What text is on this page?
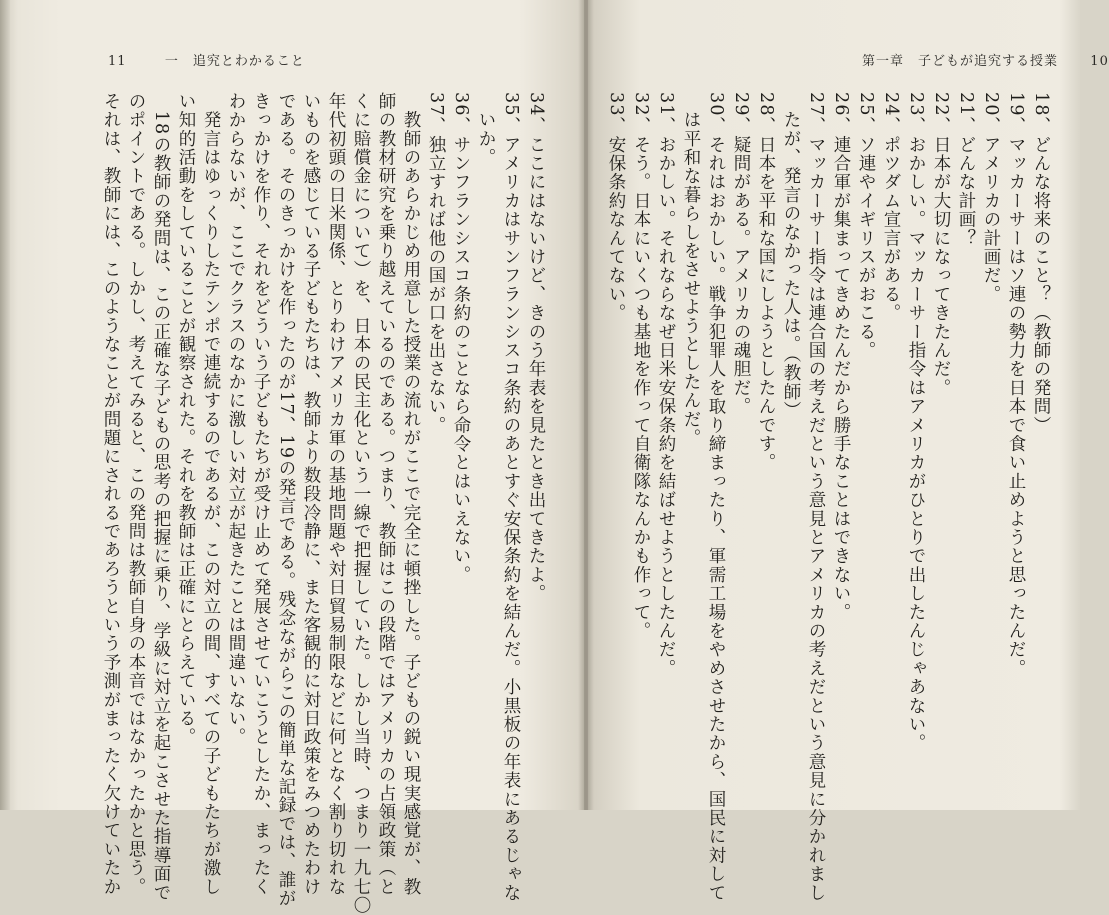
11	一　追究とわかること	第一章　子どもが追究する授業 10
18、どんな将来のこと？（教師の発問）
19、マッカーサーはソ連の勢力を日本で食い止めようと思ったんだ。
20、アメリカの計画だ。
21、どんな計画？
22、日本が大切になってきたんだ。
23、おかしい。マッカーサー指令はアメリカがひとりで出したんじゃあない。
24、ポツダム宣言がある。
25、ソ連やイギリスがおこる。
26、連合軍が集まってきめたんだから勝手なことはできない。
27、マッカーサー指令は連合国の考えだという意見とアメリカの考えだという意見に分かれまし
　たが、発言のなかった人は。（教師）
28、日本を平和な国にしようとしたんです。
29、疑問がある。アメリカの魂胆だ。
30、それはおかしい。戦争犯罪人を取り締まったり、軍需工場をやめさせたから、国民に対して
　は平和な暮らしをさせようとしたんだ。
31、おかしい。それならなぜ日米安保条約を結ばせようとしたんだ。
32、そう。日本にいくつも基地を作って自衛隊なんかも作って。
33、安保条約なんてない。
34、ここにはないけど、きのう年表を見たとき出てきたよ。
35、アメリカはサンフランシスコ条約のあとすぐ安保条約を結んだ。小黒板の年表にあるじゃな
　いか。
36、サンフランシスコ条約のことなら命令とはいえない。
37、独立すれば他の国が口を出さない。
　教師のあらかじめ用意した授業の流れがここで完全に頓挫した。子どもの鋭い現実感覚が、教
師の教材研究を乗り越えているのである。つまり、教師はこの段階ではアメリカの占領政策（と
くに賠償金について）を、日本の民主化という一線で把握していた。しかし当時、つまり一九七〇
年代初頭の日米関係、とりわけアメリカ軍の基地問題や対日貿易制限などに何となく割り切れな
いものを感じている子どもたちは、教師より数段冷静に、また客観的に対日政策をみつめたわけ
である。そのきっかけを作ったのが17、19の発言である。残念ながらこの簡単な記録では、誰が
きっかけを作り、それをどういう子どもたちが受け止めて発展させていこうとしたか、まったく
わからないが、ここでクラスのなかに激しい対立が起きたことは間違いない。
　発言はゆっくりしたテンポで連続するのであるが、この対立の間、すべての子どもたちが激し
い知的活動をしていることが観察された。それを教師は正確にとらえている。
　18の教師の発問は、この正確な子どもの思考の把握に乗り、学級に対立を起こさせた指導面で
のポイントである。しかし、考えてみると、この発問は教師自身の本音ではなかったかと思う。
それは、教師には、このようなことが問題にされるであろうという予測がまったく欠けていたか
